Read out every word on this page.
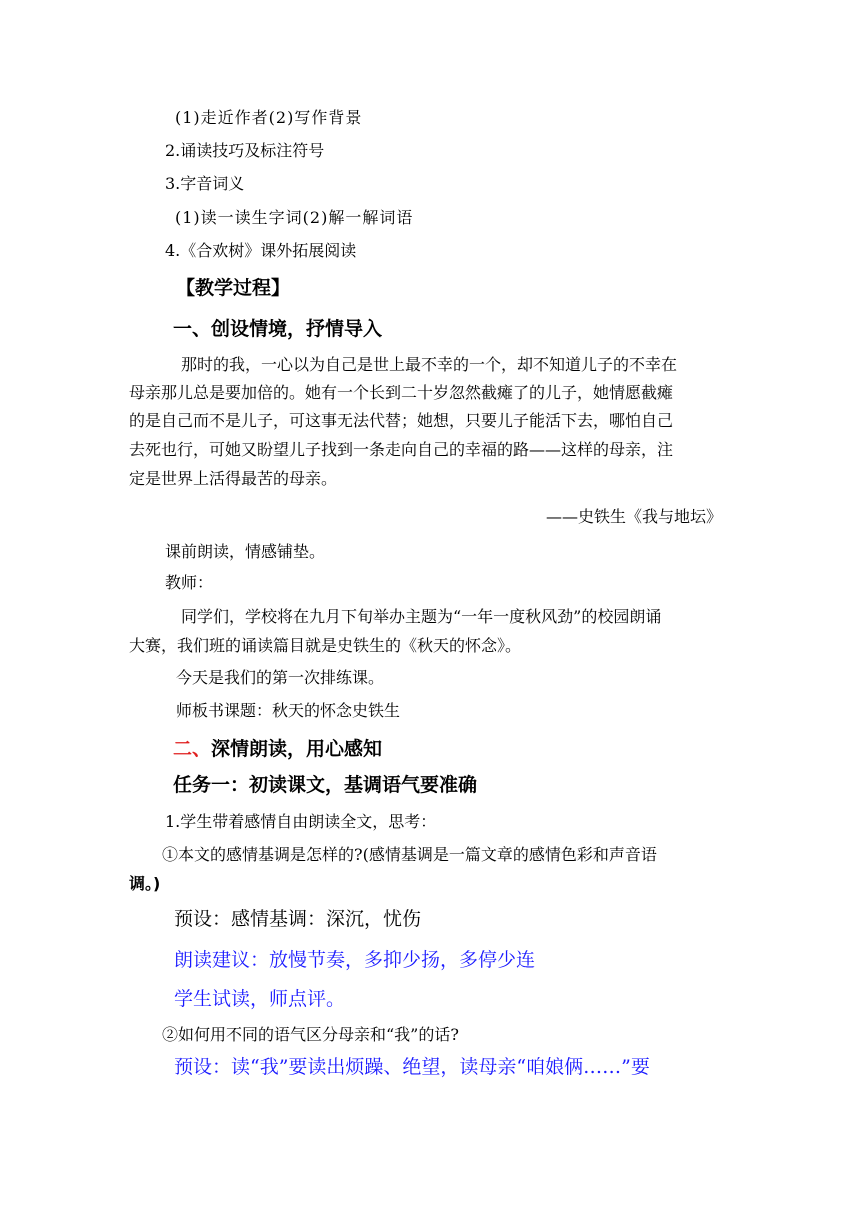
(1)走近作者(2)写作背景
2.诵读技巧及标注符号
3.字音词义
(1)读一读生字词(2)解一解词语
4.《合欢树》课外拓展阅读
【教学过程】
一、创设情境，抒情导入
那时的我，一心以为自己是世上最不幸的一个，却不知道儿子的不幸在
母亲那儿总是要加倍的。她有一个长到二十岁忽然截瘫了的儿子，她情愿截瘫
的是自己而不是儿子，可这事无法代替；她想，只要儿子能活下去，哪怕自己
去死也行，可她又盼望儿子找到一条走向自己的幸福的路——这样的母亲，注
定是世界上活得最苦的母亲。
——史铁生《我与地坛》
课前朗读，情感铺垫。
教师：
同学们，学校将在九月下旬举办主题为“一年一度秋风劲”的校园朗诵
大赛，我们班的诵读篇目就是史铁生的《秋天的怀念》。
今天是我们的第一次排练课。
师板书课题：秋天的怀念史铁生
二、深情朗读，用心感知
任务一：初读课文，基调语气要准确
1.学生带着感情自由朗读全文，思考：
①本文的感情基调是怎样的?(感情基调是一篇文章的感情色彩和声音语
调。)
预设：感情基调：深沉，忧伤
朗读建议：放慢节奏，多抑少扬，多停少连
学生试读，师点评。
②如何用不同的语气区分母亲和“我”的话?
预设：读“我”要读出烦躁、绝望，读母亲“咱娘俩……”要
